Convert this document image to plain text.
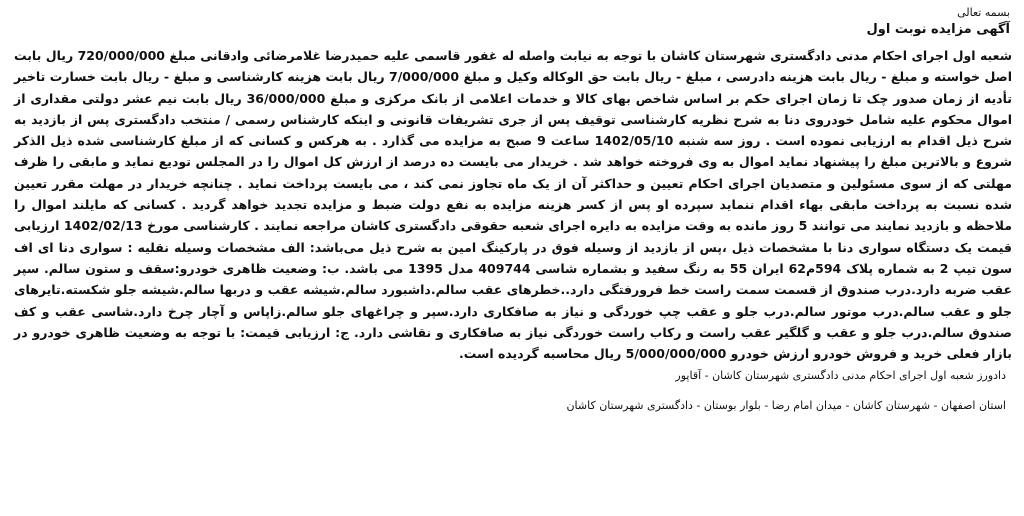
بسمه تعالی

آگهی مزایده نوبت اول

شعبه اول اجرای احکام مدنی دادگستری شهرستان کاشان با توجه به نیابت واصله له غفور قاسمی علیه حمیدرضا غلامرضائی وادقانی مبلغ 720/000/000 ریال بابت اصل خواسته و مبلغ - ریال بابت هزینه دادرسی ، مبلغ - ریال بابت حق الوکاله وکیل و مبلغ 7/000/000 ریال بابت هزینه کارشناسی و مبلغ - ریال بابت خسارت تاخیر تأدیه از زمان صدور چک تا زمان اجرای حکم بر اساس شاخص بهای کالا و خدمات اعلامی از بانک مرکزی و مبلغ 36/000/000 ریال بابت نیم عشر دولتی مقداری از اموال محکوم علیه شامل خودروی دنا به شرح نظریه کارشناسی توقیف پس از جری تشریفات قانونی و اینکه کارشناس رسمی / منتخب دادگستری پس از بازدید به شرح ذیل اقدام به ارزیابی نموده است . روز سه شنبه 1402/05/10 ساعت 9 صبح به مزایده می گذارد . به هرکس و کسانی که از مبلغ کارشناسی شده ذیل الذکر شروع و بالاترین مبلغ را پیشنهاد نماید اموال به وی فروخته خواهد شد . خریدار می بایست ده درصد از ارزش کل اموال را در المجلس تودیع نماید و مابقی را ظرف مهلتی که از سوی مسئولین و متصدیان اجرای احکام تعیین و حداکثر آن از یک ماه تجاوز نمی کند ، می بایست پرداخت نماید . چنانچه خریدار در مهلت مقرر تعیین شده نسبت به پرداخت مابقی بهاء اقدام ننماید سپرده او پس از کسر هزینه مزایده به نفع دولت ضبط و مزایده تجدید خواهد گردید . کسانی که مایلند اموال را ملاحظه و بازدید نمایند می توانند 5 روز مانده به وقت مزایده به دایره اجرای شعبه حقوقی دادگستری کاشان مراجعه نمایند . کارشناسی مورخ 1402/02/13 ارزیابی قیمت یک دستگاه سواری دنا با مشخصات ذیل ،پس از بازدید از وسیله فوق در پارکینگ امین به شرح ذیل می‌باشد: الف مشخصات وسیله نقلیه : سواری دنا ای اف سون تیپ 2 به شماره پلاک 594م62 ایران 55 به رنگ سفید و بشماره شاسی 409744 مدل 1395 می باشد. ب: وضعیت ظاهری خودرو:سقف و ستون سالم. سپر عقب ضربه دارد.درب صندوق از قسمت سمت راست خط فرورفتگی دارد..خطرهای عقب سالم.داشبورد سالم.شیشه عقب و دربها سالم.شیشه جلو شکسته.تایرهای جلو و عقب سالم.درب موتور سالم.درب جلو و عقب چپ خوردگی و نیاز به صافکاری دارد.سپر و چراغهای جلو سالم.زاپاس و آچار چرخ دارد.شاسی عقب و کف صندوق سالم.درب جلو و عقب و گلگیر عقب راست و رکاب راست خوردگی نیاز به صافکاری و نقاشی دارد. ج: ارزیابی قیمت: با توجه به وضعیت ظاهری خودرو در بازار فعلی خرید و فروش خودرو ارزش خودرو 5/000/000/000 ریال محاسبه گردیده است.

دادورز شعبه اول اجرای احکام مدنی دادگستری شهرستان کاشان - آقاپور

استان اصفهان - شهرستان کاشان - میدان امام رضا - بلوار بوستان - دادگستری شهرستان کاشان
